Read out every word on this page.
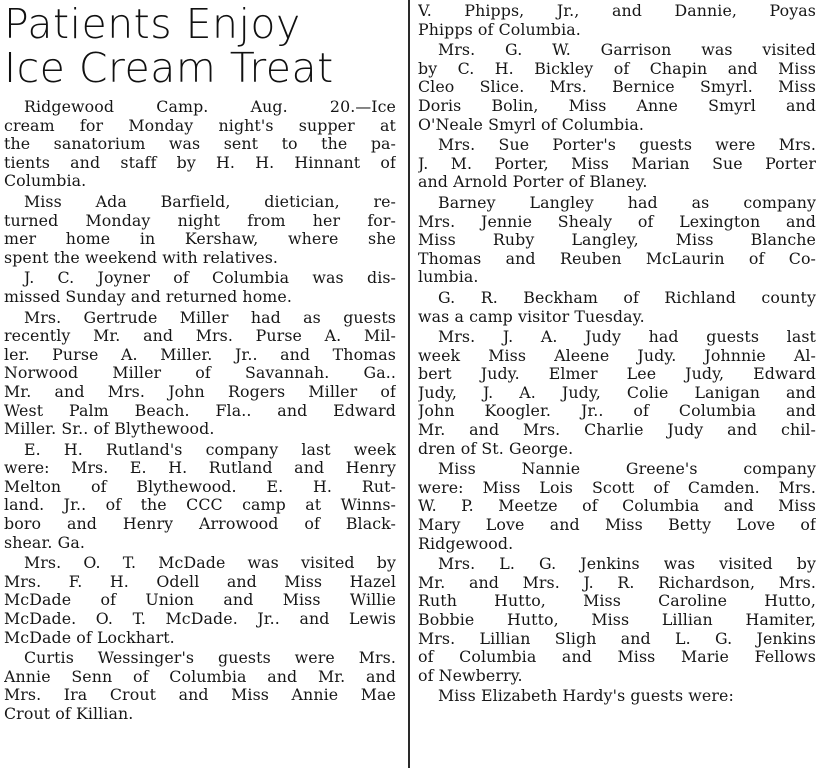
Patients Enjoy
Ice Cream Treat
Ridgewood Camp. Aug. 20.—Ice
cream for Monday night's supper at
the sanatorium was sent to the pa-
tients and staff by H. H. Hinnant of
Columbia.
Miss Ada Barfield, dietician, re-
turned Monday night from her for-
mer home in Kershaw, where she
spent the weekend with relatives.
J. C. Joyner of Columbia was dis-
missed Sunday and returned home.
Mrs. Gertrude Miller had as guests
recently Mr. and Mrs. Purse A. Mil-
ler. Purse A. Miller. Jr.. and Thomas
Norwood Miller of Savannah. Ga..
Mr. and Mrs. John Rogers Miller of
West Palm Beach. Fla.. and Edward
Miller. Sr.. of Blythewood.
E. H. Rutland's company last week
were: Mrs. E. H. Rutland and Henry
Melton of Blythewood. E. H. Rut-
land. Jr.. of the CCC camp at Winns-
boro and Henry Arrowood of Black-
shear. Ga.
Mrs. O. T. McDade was visited by
Mrs. F. H. Odell and Miss Hazel
McDade of Union and Miss Willie
McDade. O. T. McDade. Jr.. and Lewis
McDade of Lockhart.
Curtis Wessinger's guests were Mrs.
Annie Senn of Columbia and Mr. and
Mrs. Ira Crout and Miss Annie Mae
Crout of Killian.
V. Phipps, Jr., and Dannie, Poyas
Phipps of Columbia.
Mrs. G. W. Garrison was visited
by C. H. Bickley of Chapin and Miss
Cleo Slice. Mrs. Bernice Smyrl. Miss
Doris Bolin, Miss Anne Smyrl and
O'Neale Smyrl of Columbia.
Mrs. Sue Porter's guests were Mrs.
J. M. Porter, Miss Marian Sue Porter
and Arnold Porter of Blaney.
Barney Langley had as company
Mrs. Jennie Shealy of Lexington and
Miss Ruby Langley, Miss Blanche
Thomas and Reuben McLaurin of Co-
lumbia.
G. R. Beckham of Richland county
was a camp visitor Tuesday.
Mrs. J. A. Judy had guests last
week Miss Aleene Judy. Johnnie Al-
bert Judy. Elmer Lee Judy, Edward
Judy, J. A. Judy, Colie Lanigan and
John Koogler. Jr.. of Columbia and
Mr. and Mrs. Charlie Judy and chil-
dren of St. George.
Miss Nannie Greene's company
were: Miss Lois Scott of Camden. Mrs.
W. P. Meetze of Columbia and Miss
Mary Love and Miss Betty Love of
Ridgewood.
Mrs. L. G. Jenkins was visited by
Mr. and Mrs. J. R. Richardson, Mrs.
Ruth Hutto, Miss Caroline Hutto,
Bobbie Hutto, Miss Lillian Hamiter,
Mrs. Lillian Sligh and L. G. Jenkins
of Columbia and Miss Marie Fellows
of Newberry.
Miss Elizabeth Hardy's guests were:
